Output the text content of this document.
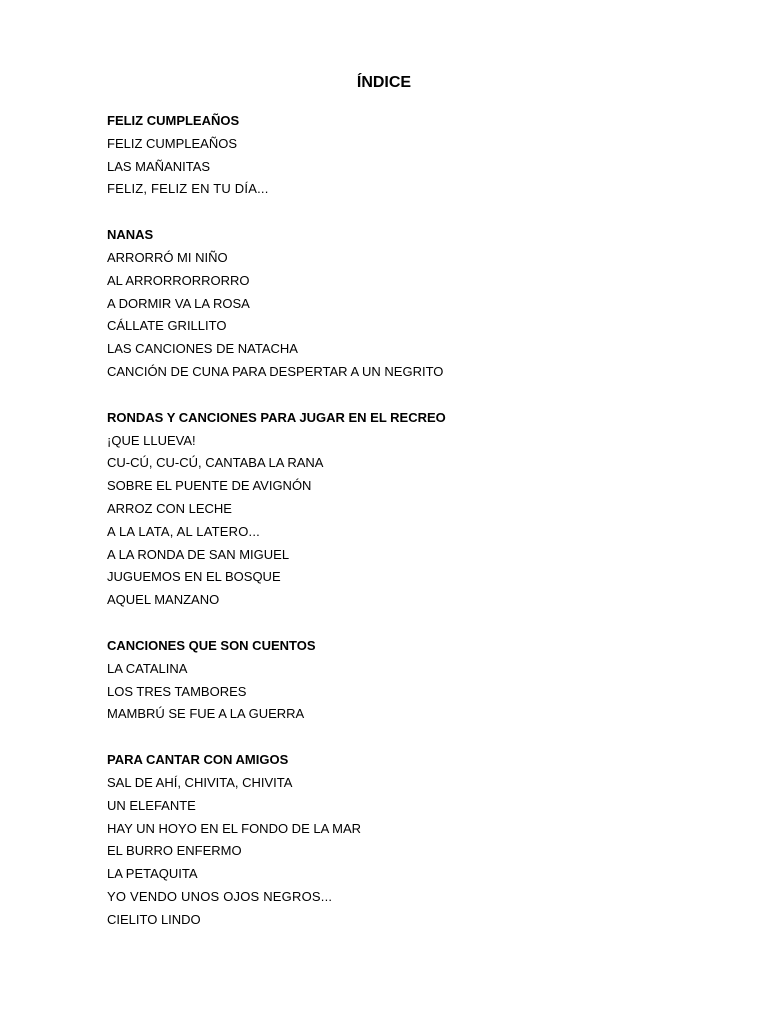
ÍNDICE
FELIZ CUMPLEAÑOS
FELIZ CUMPLEAÑOS
LAS MAÑANITAS
FELIZ, FELIZ EN TU DÍA...
NANAS
ARRORRÓ MI NIÑO
AL ARRORRORRORRO
A DORMIR VA LA ROSA
CÁLLATE GRILLITO
LAS CANCIONES DE NATACHA
CANCIÓN DE CUNA PARA DESPERTAR A UN NEGRITO
RONDAS Y CANCIONES PARA JUGAR EN EL RECREO
¡QUE LLUEVA!
CU-CÚ, CU-CÚ, CANTABA LA RANA
SOBRE EL PUENTE DE AVIGNÓN
ARROZ CON LECHE
A LA LATA, AL LATERO...
A LA RONDA DE SAN MIGUEL
JUGUEMOS EN EL BOSQUE
AQUEL MANZANO
CANCIONES QUE SON CUENTOS
LA CATALINA
LOS TRES TAMBORES
MAMBRÚ SE FUE A LA GUERRA
PARA CANTAR CON AMIGOS
SAL DE AHÍ, CHIVITA, CHIVITA
UN ELEFANTE
HAY UN HOYO EN EL FONDO DE LA MAR
EL BURRO ENFERMO
LA PETAQUITA
YO VENDO UNOS OJOS NEGROS...
CIELITO LINDO
